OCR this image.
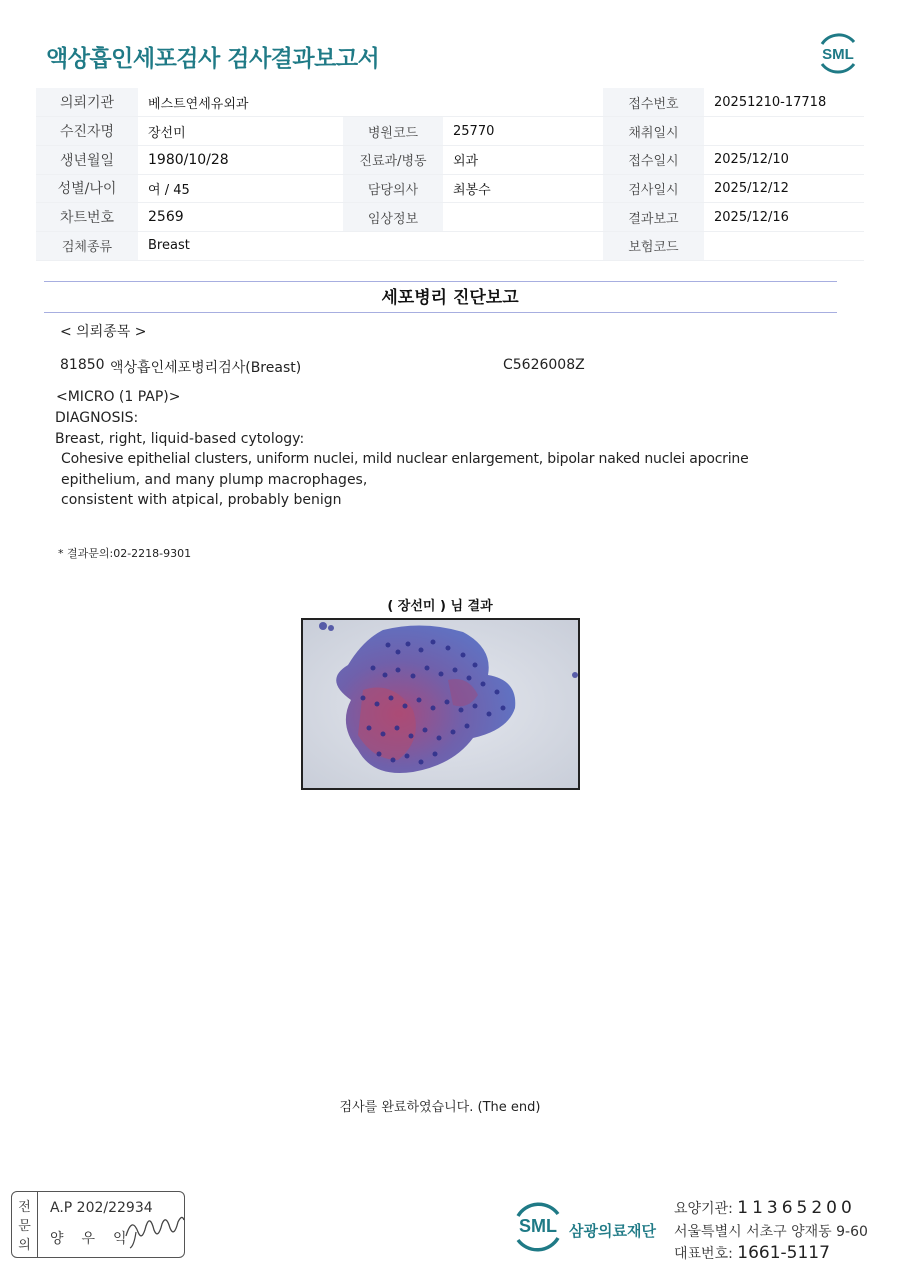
액상흡인세포검사 검사결과보고서	SML
의뢰기관	베스트연세유외과			접수번호	20251210-17718
수진자명	장선미	병원코드	25770	채취일시	
생년월일	1980/10/28	진료과/병동	외과	접수일시	2025/12/10
성별/나이	여 / 45	담당의사	최봉수	검사일시	2025/12/12
차트번호	2569	임상정보		결과보고	2025/12/16
검체종류	Breast			보험코드	
세포병리 진단보고
< 의뢰종목 >
81850 액상흡인세포병리검사(Breast)	C5626008Z
<MICRO (1 PAP)>
DIAGNOSIS:
Breast, right, liquid-based cytology:
Cohesive epithelial clusters, uniform nuclei, mild nuclear enlargement, bipolar naked nuclei apocrine
epithelium, and many plump macrophages,
consistent with atpical, probably benign
* 결과문의:02-2218-9301
( 장선미 ) 님 결과
검사를 완료하였습니다. (The end)
전
문
의
A.P 202/22934
양우익
SML 삼광의료재단
요양기관: 11365200
서울특별시 서초구 양재동 9-60
대표번호: 1661-5117
